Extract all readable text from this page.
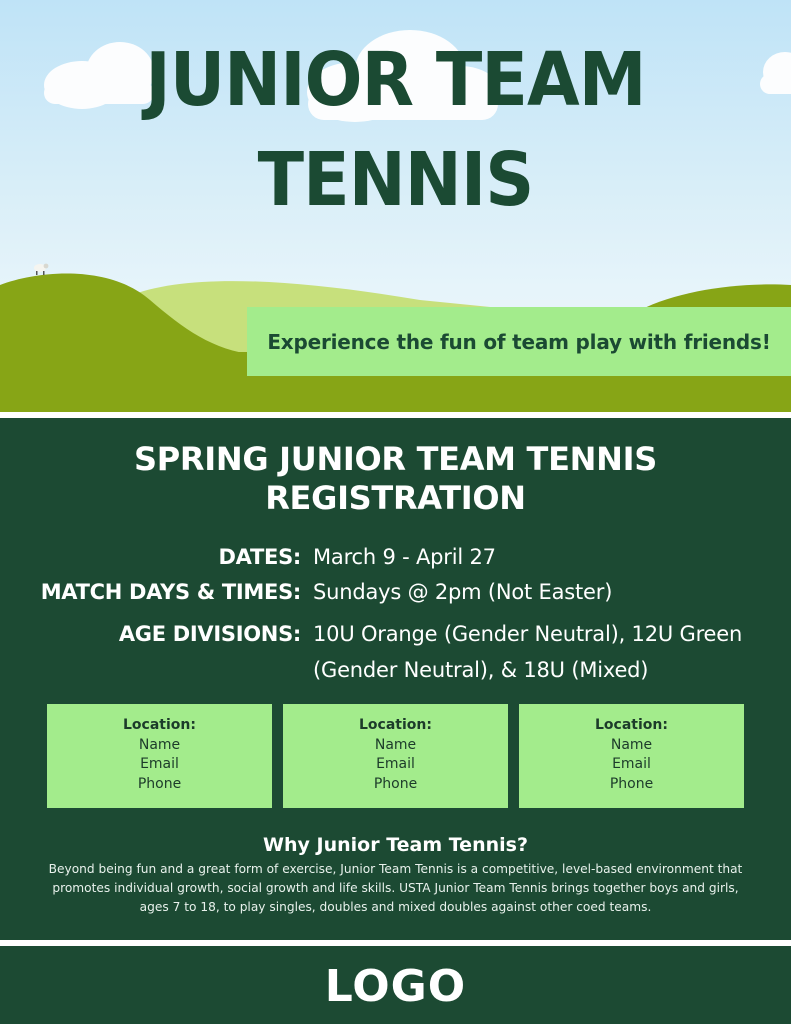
JUNIOR TEAM TENNIS
Experience the fun of team play with friends!
SPRING JUNIOR TEAM TENNIS
REGISTRATION
DATES: March 9 - April 27
MATCH DAYS & TIMES: Sundays @ 2pm (Not Easter)
AGE DIVISIONS: 10U Orange (Gender Neutral), 12U Green (Gender Neutral), & 18U (Mixed)
Location:
Name
Email
Phone
Location:
Name
Email
Phone
Location:
Name
Email
Phone
Why Junior Team Tennis?

Beyond being fun and a great form of exercise, Junior Team Tennis is a competitive, level-based environment that promotes individual growth, social growth and life skills. USTA Junior Team Tennis brings together boys and girls, ages 7 to 18, to play singles, doubles and mixed doubles against other coed teams.

LOGO
